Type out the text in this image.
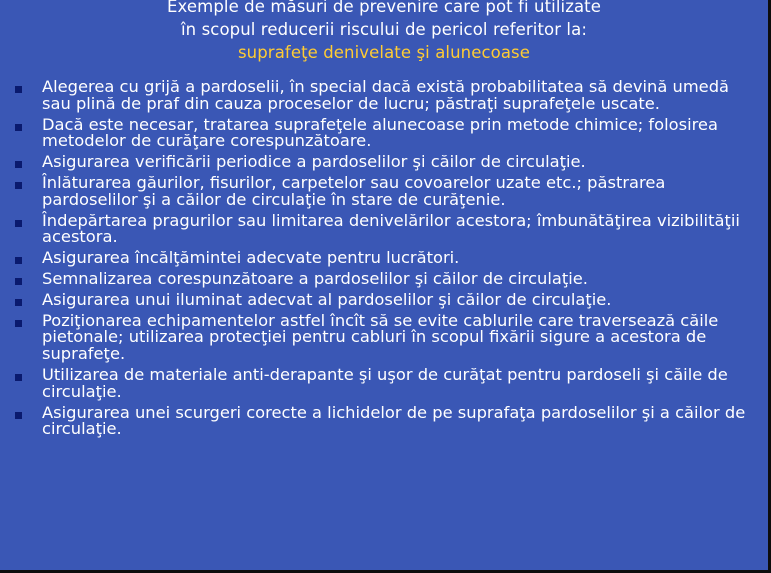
Exemple de măsuri de prevenire care pot fi utilizate
în scopul reducerii riscului de pericol referitor la:
suprafeţe denivelate şi alunecoase
Alegerea cu grijă a pardoselii, în special dacă există probabilitatea să devină umedă sau plină de praf din cauza proceselor de lucru; păstraţi suprafeţele uscate.
Dacă este necesar, tratarea suprafeţele alunecoase prin metode chimice; folosirea metodelor de curăţare corespunzătoare.
Asigurarea verificării periodice a pardoselilor şi căilor de circulaţie.
Înlăturarea găurilor, fisurilor, carpetelor sau covoarelor uzate etc.; păstrarea pardoselilor şi a căilor de circulaţie în stare de curăţenie.
Îndepărtarea pragurilor sau limitarea denivelărilor acestora; îmbunătăţirea vizibilităţii acestora.
Asigurarea încălţămintei adecvate pentru lucrători.
Semnalizarea corespunzătoare a pardoselilor şi căilor de circulaţie.
Asigurarea unui iluminat adecvat al pardoselilor şi căilor de circulaţie.
Poziţionarea echipamentelor astfel încît să se evite cablurile care traversează căile pietonale; utilizarea protecţiei pentru cabluri în scopul fixării sigure a acestora de suprafeţe.
Utilizarea de materiale anti-derapante şi uşor de curăţat pentru pardoseli şi căile de circulaţie.
Asigurarea unei scurgeri corecte a lichidelor de pe suprafaţa pardoselilor şi a căilor de circulaţie.
